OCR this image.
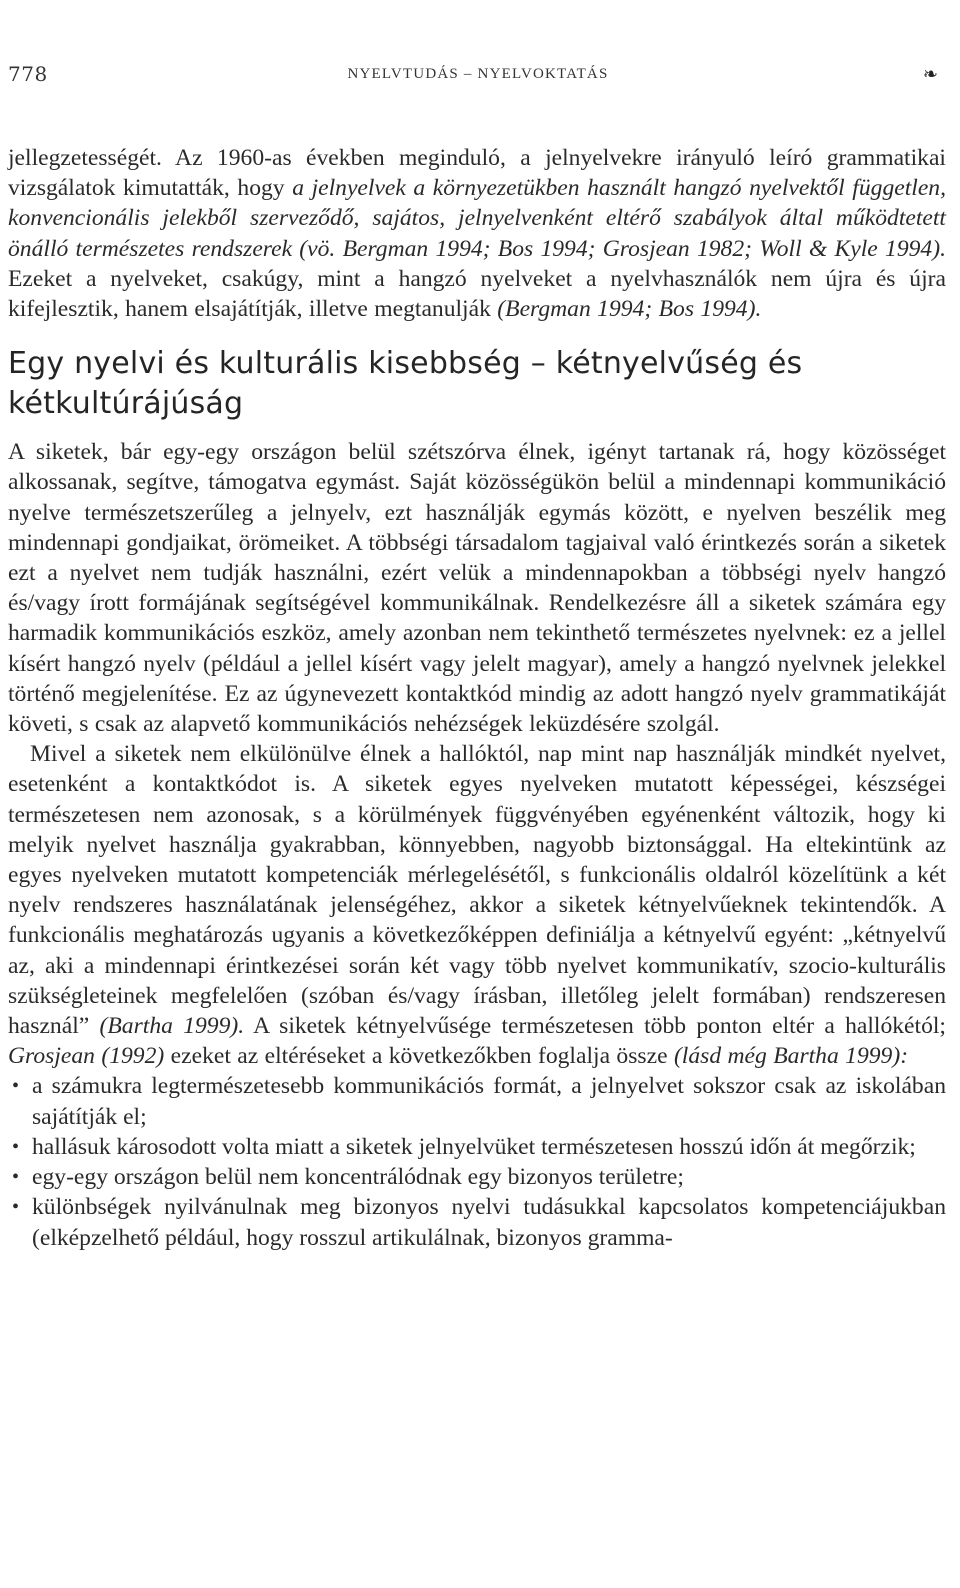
778	NYELVTUDÁS – NYELVOKTATÁS	❧

jellegzetességét. Az 1960-as években meginduló, a jelnyelvekre irányuló leíró grammatikai vizsgálatok kimutatták, hogy a jelnyelvek a környezetükben használt hangzó nyelvektől független, konvencionális jelekből szerveződő, sajátos, jelnyelvenként eltérő szabályok által működtetett önálló természetes rendszerek (vö. Bergman 1994; Bos 1994; Grosjean 1982; Woll & Kyle 1994). Ezeket a nyelveket, csakúgy, mint a hangzó nyelveket a nyelvhasználók nem újra és újra kifejlesztik, hanem elsajátítják, illetve megtanulják (Bergman 1994; Bos 1994).

Egy nyelvi és kulturális kisebbség – kétnyelvűség és kétkultúrájúság

A siketek, bár egy-egy országon belül szétszórva élnek, igényt tartanak rá, hogy közösséget alkossanak, segítve, támogatva egymást. Saját közösségükön belül a mindennapi kommunikáció nyelve természetszerűleg a jelnyelv, ezt használják egymás között, e nyelven beszélik meg mindennapi gondjaikat, örömeiket. A többségi társadalom tagjaival való érintkezés során a siketek ezt a nyelvet nem tudják használni, ezért velük a mindennapokban a többségi nyelv hangzó és/vagy írott formájának segítségével kommunikálnak. Rendelkezésre áll a siketek számára egy harmadik kommunikációs eszköz, amely azonban nem tekinthető természetes nyelvnek: ez a jellel kísért hangzó nyelv (például a jellel kísért vagy jelelt magyar), amely a hangzó nyelvnek jelekkel történő megjelenítése. Ez az úgynevezett kontaktkód mindig az adott hangzó nyelv grammatikáját követi, s csak az alapvető kommunikációs nehézségek leküzdésére szolgál.

Mivel a siketek nem elkülönülve élnek a hallóktól, nap mint nap használják mindkét nyelvet, esetenként a kontaktkódot is. A siketek egyes nyelveken mutatott képességei, készségei természetesen nem azonosak, s a körülmények függvényében egyénenként változik, hogy ki melyik nyelvet használja gyakrabban, könnyebben, nagyobb biztonsággal. Ha eltekintünk az egyes nyelveken mutatott kompetenciák mérlegelésétől, s funkcionális oldalról közelítünk a két nyelv rendszeres használatának jelenségéhez, akkor a siketek kétnyelvűeknek tekintendők. A funkcionális meghatározás ugyanis a következőképpen definiálja a kétnyelvű egyént: „kétnyelvű az, aki a mindennapi érintkezései során két vagy több nyelvet kommunikatív, szocio-kulturális szükségleteinek megfelelően (szóban és/vagy írásban, illetőleg jelelt formában) rendszeresen használ” (Bartha 1999). A siketek kétnyelvűsége természetesen több ponton eltér a hallókétól; Grosjean (1992) ezeket az eltéréseket a következőkben foglalja össze (lásd még Bartha 1999):

• a számukra legtermészetesebb kommunikációs formát, a jelnyelvet sokszor csak az iskolában sajátítják el;
• hallásuk károsodott volta miatt a siketek jelnyelvüket természetesen hosszú időn át megőrzik;
• egy-egy országon belül nem koncentrálódnak egy bizonyos területre;
• különbségek nyilvánulnak meg bizonyos nyelvi tudásukkal kapcsolatos kompetenciájukban (elképzelhető például, hogy rosszul artikulálnak, bizonyos gramma-
